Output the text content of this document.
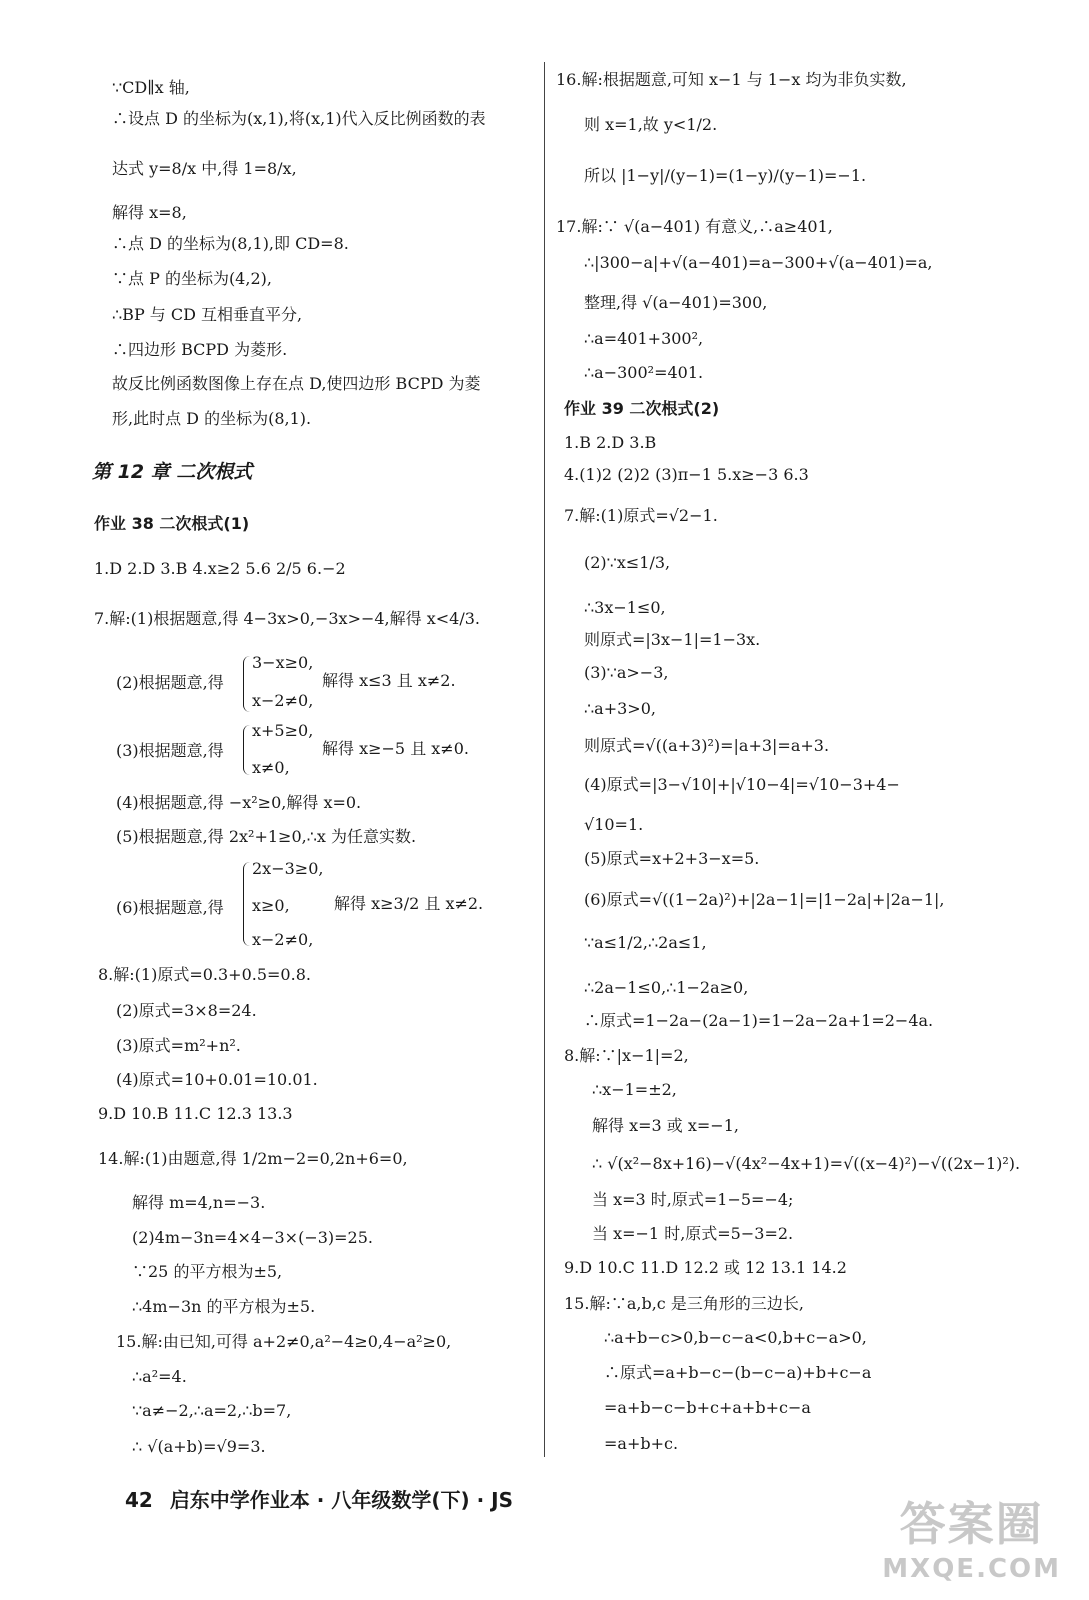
∵CD∥x 轴,
∴设点 D 的坐标为(x,1),将(x,1)代入反比例函数的表
达式 y=8/x 中,得 1=8/x,
解得 x=8,
∴点 D 的坐标为(8,1),即 CD=8.
∵点 P 的坐标为(4,2),
∴BP 与 CD 互相垂直平分,
∴四边形 BCPD 为菱形.
故反比例函数图像上存在点 D,使四边形 BCPD 为菱
形,此时点 D 的坐标为(8,1).
第 12 章 二次根式
作业 38 二次根式(1)
1.D 2.D 3.B 4.x≥2 5.6 2/5 6.−2
7.解:(1)根据题意,得 4−3x>0,−3x>−4,解得 x<4/3.
3−x≥0,
(2)根据题意,得	解得 x≤3 且 x≠2.
x−2≠0,
x+5≥0,
(3)根据题意,得	解得 x≥−5 且 x≠0.
x≠0,
(4)根据题意,得 −x²≥0,解得 x=0.
(5)根据题意,得 2x²+1≥0,∴x 为任意实数.
2x−3≥0,
(6)根据题意,得 x≥0,	解得 x≥3/2 且 x≠2.
x−2≠0,
8.解:(1)原式=0.3+0.5=0.8.
(2)原式=3×8=24.
(3)原式=m²+n².
(4)原式=10+0.01=10.01.
9.D 10.B 11.C 12.3 13.3
14.解:(1)由题意,得 1/2m−2=0,2n+6=0,
解得 m=4,n=−3.
(2)4m−3n=4×4−3×(−3)=25.
∵25 的平方根为±5,
∴4m−3n 的平方根为±5.
15.解:由已知,可得 a+2≠0,a²−4≥0,4−a²≥0,
∴a²=4.
∵a≠−2,∴a=2,∴b=7,
∴ √(a+b)=√9=3.
16.解:根据题意,可知 x−1 与 1−x 均为非负实数,
则 x=1,故 y<1/2.
所以 |1−y|/(y−1)=(1−y)/(y−1)=−1.
17.解:∵ √(a−401) 有意义,∴a≥401,
∴|300−a|+√(a−401)=a−300+√(a−401)=a,
整理,得 √(a−401)=300,
∴a=401+300²,
∴a−300²=401.
作业 39 二次根式(2)
1.B 2.D 3.B
4.(1)2 (2)2 (3)π−1 5.x≥−3 6.3
7.解:(1)原式=√2−1.
(2)∵x≤1/3,
∴3x−1≤0,
则原式=|3x−1|=1−3x.
(3)∵a>−3,
∴a+3>0,
则原式=√((a+3)²)=|a+3|=a+3.
(4)原式=|3−√10|+|√10−4|=√10−3+4−
√10=1.
(5)原式=x+2+3−x=5.
(6)原式=√((1−2a)²)+|2a−1|=|1−2a|+|2a−1|,
∵a≤1/2,∴2a≤1,
∴2a−1≤0,∴1−2a≥0,
∴原式=1−2a−(2a−1)=1−2a−2a+1=2−4a.
8.解:∵|x−1|=2,
∴x−1=±2,
解得 x=3 或 x=−1,
∴ √(x²−8x+16)−√(4x²−4x+1)=√((x−4)²)−√((2x−1)²).
当 x=3 时,原式=1−5=−4;
当 x=−1 时,原式=5−3=2.
9.D 10.C 11.D 12.2 或 12 13.1 14.2
15.解:∵a,b,c 是三角形的三边长,
∴a+b−c>0,b−c−a<0,b+c−a>0,
∴原式=a+b−c−(b−c−a)+b+c−a
=a+b−c−b+c+a+b+c−a
=a+b+c.
42 启东中学作业本 · 八年级数学(下) · JS	答案圈
MXQE.COM
